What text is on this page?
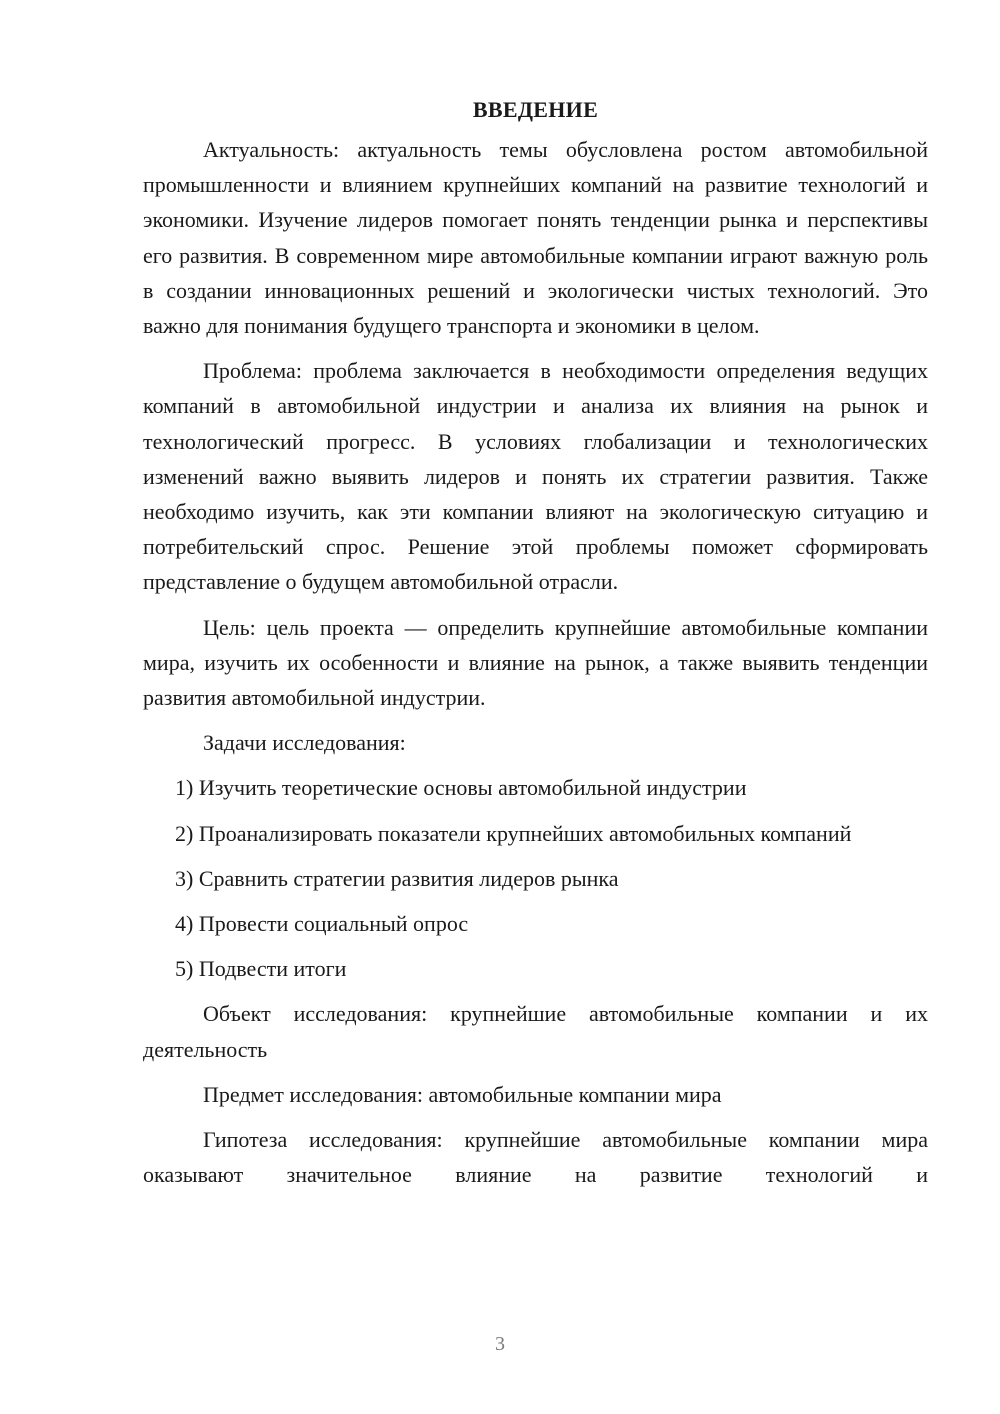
ВВЕДЕНИЕ

Актуальность: актуальность темы обусловлена ростом автомобильной промышленности и влиянием крупнейших компаний на развитие технологий и экономики. Изучение лидеров помогает понять тенденции рынка и перспективы его развития. В современном мире автомобильные компании играют важную роль в создании инновационных решений и экологически чистых технологий. Это важно для понимания будущего транспорта и экономики в целом.

Проблема: проблема заключается в необходимости определения ведущих компаний в автомобильной индустрии и анализа их влияния на рынок и технологический прогресс. В условиях глобализации и технологических изменений важно выявить лидеров и понять их стратегии развития. Также необходимо изучить, как эти компании влияют на экологическую ситуацию и потребительский спрос. Решение этой проблемы поможет сформировать представление о будущем автомобильной отрасли.

Цель: цель проекта — определить крупнейшие автомобильные компании мира, изучить их особенности и влияние на рынок, а также выявить тенденции развития автомобильной индустрии.

Задачи исследования:

1) Изучить теоретические основы автомобильной индустрии

2) Проанализировать показатели крупнейших автомобильных компаний

3) Сравнить стратегии развития лидеров рынка

4) Провести социальный опрос

5) Подвести итоги

Объект исследования: крупнейшие автомобильные компании и их деятельность

Предмет исследования: автомобильные компании мира

Гипотеза исследования: крупнейшие автомобильные компании мира оказывают значительное влияние на развитие технологий и

3
